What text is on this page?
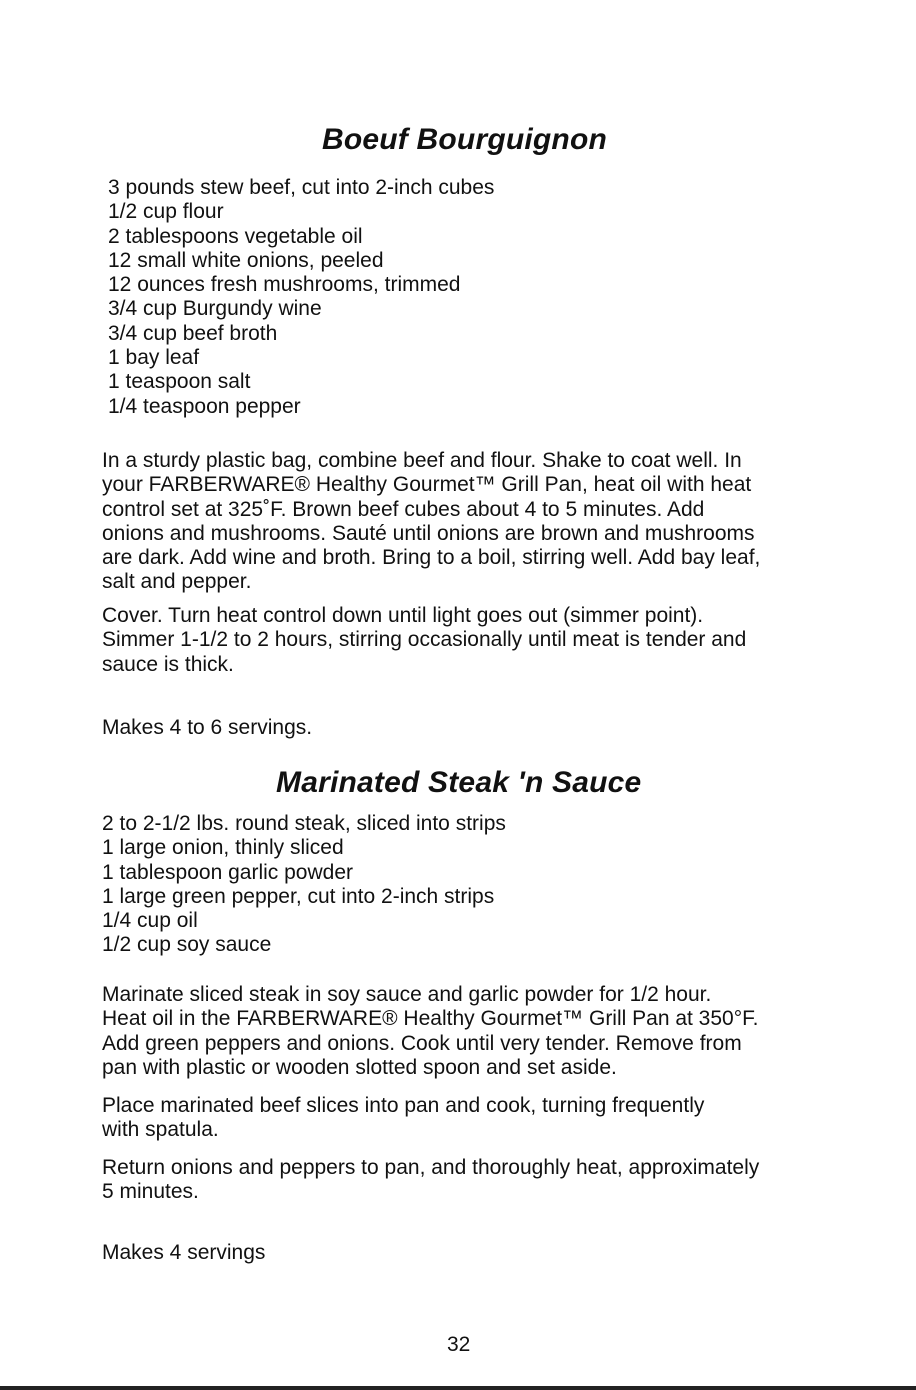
Boeuf Bourguignon
3 pounds stew beef, cut into 2-inch cubes
1/2 cup flour
2 tablespoons vegetable oil
12 small white onions, peeled
12 ounces fresh mushrooms, trimmed
3/4 cup Burgundy wine
3/4 cup beef broth
1 bay leaf
1 teaspoon salt
1/4 teaspoon pepper

In a sturdy plastic bag, combine beef and flour. Shake to coat well. In
your FARBERWARE® Healthy Gourmet™ Grill Pan, heat oil with heat
control set at 325˚F. Brown beef cubes about 4 to 5 minutes. Add
onions and mushrooms. Sauté until onions are brown and mushrooms
are dark. Add wine and broth. Bring to a boil, stirring well. Add bay leaf,
salt and pepper.

Cover. Turn heat control down until light goes out (simmer point).
Simmer 1-1/2 to 2 hours, stirring occasionally until meat is tender and
sauce is thick.

Makes 4 to 6 servings.

Marinated Steak 'n Sauce
2 to 2-1/2 lbs. round steak, sliced into strips
1 large onion, thinly sliced
1 tablespoon garlic powder
1 large green pepper, cut into 2-inch strips
1/4 cup oil
1/2 cup soy sauce

Marinate sliced steak in soy sauce and garlic powder for 1/2 hour.
Heat oil in the FARBERWARE® Healthy Gourmet™ Grill Pan at 350°F.
Add green peppers and onions. Cook until very tender. Remove from
pan with plastic or wooden slotted spoon and set aside.

Place marinated beef slices into pan and cook, turning frequently
with spatula.

Return onions and peppers to pan, and thoroughly heat, approximately
5 minutes.

Makes 4 servings

32
